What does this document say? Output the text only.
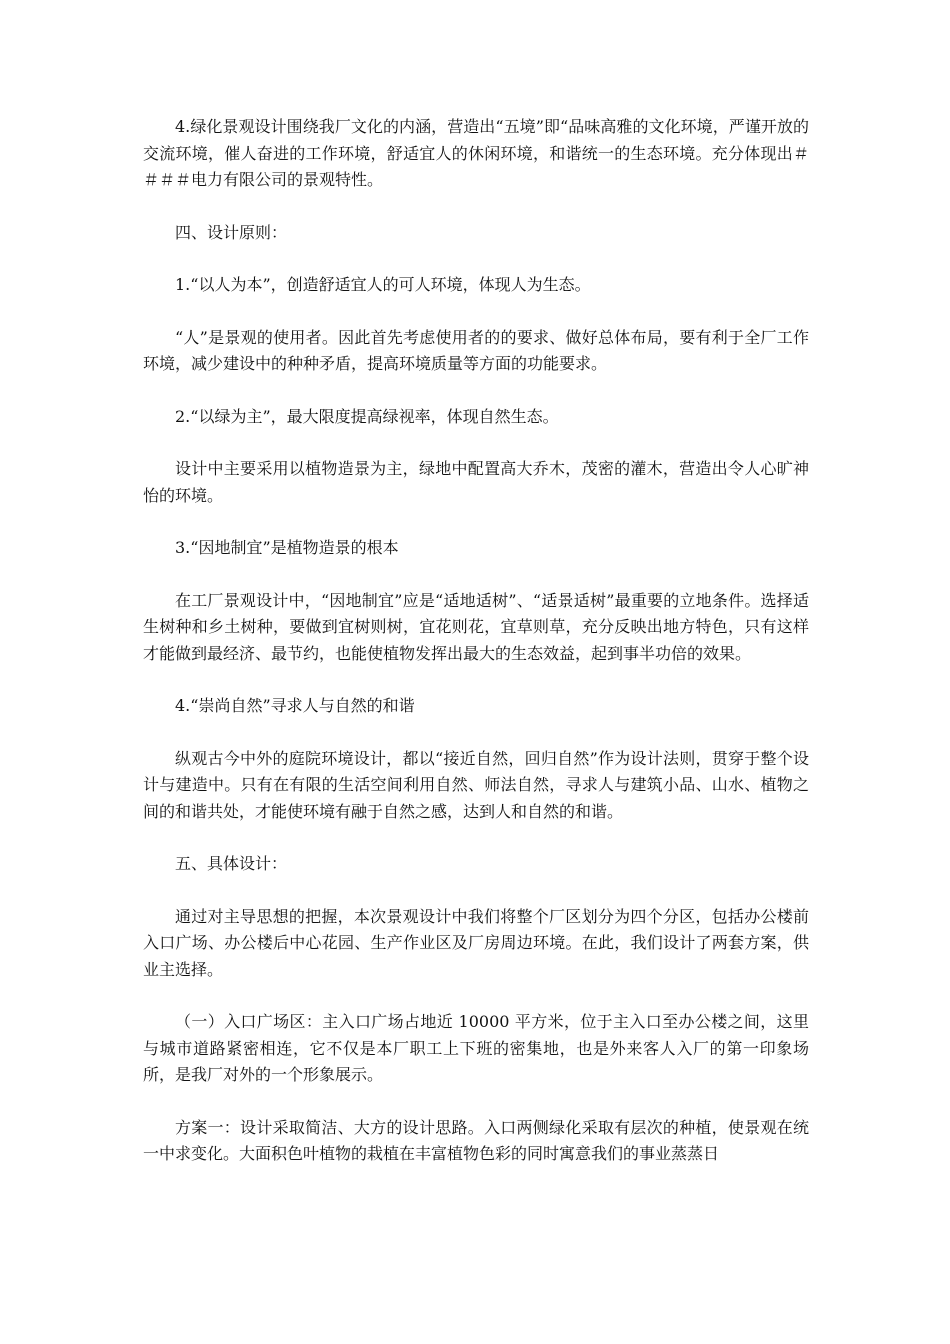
4.绿化景观设计围绕我厂文化的内涵，营造出“五境”即“品味高雅的文化环境，严谨开放的交流环境，催人奋进的工作环境，舒适宜人的休闲环境，和谐统一的生态环境。充分体现出＃＃＃＃电力有限公司的景观特性。

四、设计原则：

1.“以人为本”，创造舒适宜人的可人环境，体现人为生态。

“人”是景观的使用者。因此首先考虑使用者的的要求、做好总体布局，要有利于全厂工作环境，减少建设中的种种矛盾，提高环境质量等方面的功能要求。

2.“以绿为主”，最大限度提高绿视率，体现自然生态。

设计中主要采用以植物造景为主，绿地中配置高大乔木，茂密的灌木，营造出令人心旷神怡的环境。

3.“因地制宜”是植物造景的根本

在工厂景观设计中，“因地制宜”应是“适地适树”、“适景适树”最重要的立地条件。选择适生树种和乡土树种，要做到宜树则树，宜花则花，宜草则草，充分反映出地方特色，只有这样才能做到最经济、最节约，也能使植物发挥出最大的生态效益，起到事半功倍的效果。

4.“崇尚自然”寻求人与自然的和谐

纵观古今中外的庭院环境设计，都以“接近自然，回归自然”作为设计法则，贯穿于整个设计与建造中。只有在有限的生活空间利用自然、师法自然，寻求人与建筑小品、山水、植物之间的和谐共处，才能使环境有融于自然之感，达到人和自然的和谐。

五、具体设计：

通过对主导思想的把握，本次景观设计中我们将整个厂区划分为四个分区，包括办公楼前入口广场、办公楼后中心花园、生产作业区及厂房周边环境。在此，我们设计了两套方案，供业主选择。

（一）入口广场区：主入口广场占地近 10000 平方米，位于主入口至办公楼之间，这里与城市道路紧密相连，它不仅是本厂职工上下班的密集地，也是外来客人入厂的第一印象场所，是我厂对外的一个形象展示。

方案一：设计采取简洁、大方的设计思路。入口两侧绿化采取有层次的种植，使景观在统一中求变化。大面积色叶植物的栽植在丰富植物色彩的同时寓意我们的事业蒸蒸日
